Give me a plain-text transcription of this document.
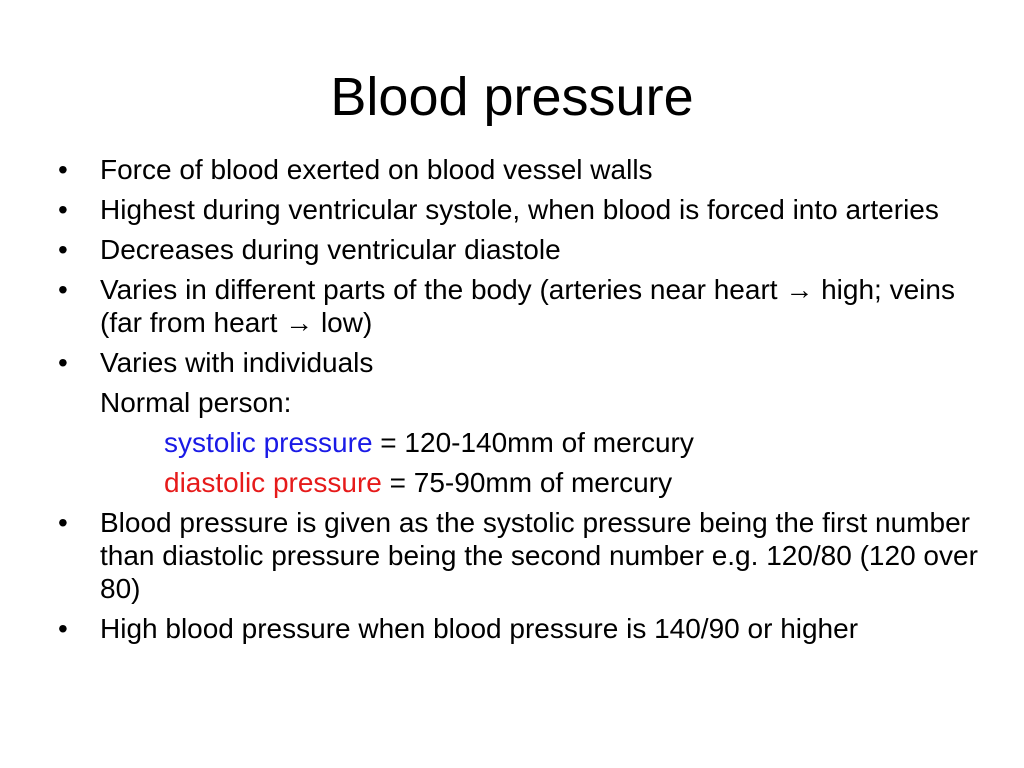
Blood pressure
• Force of blood exerted on blood vessel walls
• Highest during ventricular systole, when blood is forced into arteries
• Decreases during ventricular diastole
• Varies in different parts of the body (arteries near heart → high; veins (far from heart → low)
• Varies with individuals
Normal person:
systolic pressure = 120-140mm of mercury
diastolic pressure = 75-90mm of mercury
• Blood pressure is given as the systolic pressure being the first number than diastolic pressure being the second number e.g. 120/80 (120 over 80)
• High blood pressure when blood pressure is 140/90 or higher
